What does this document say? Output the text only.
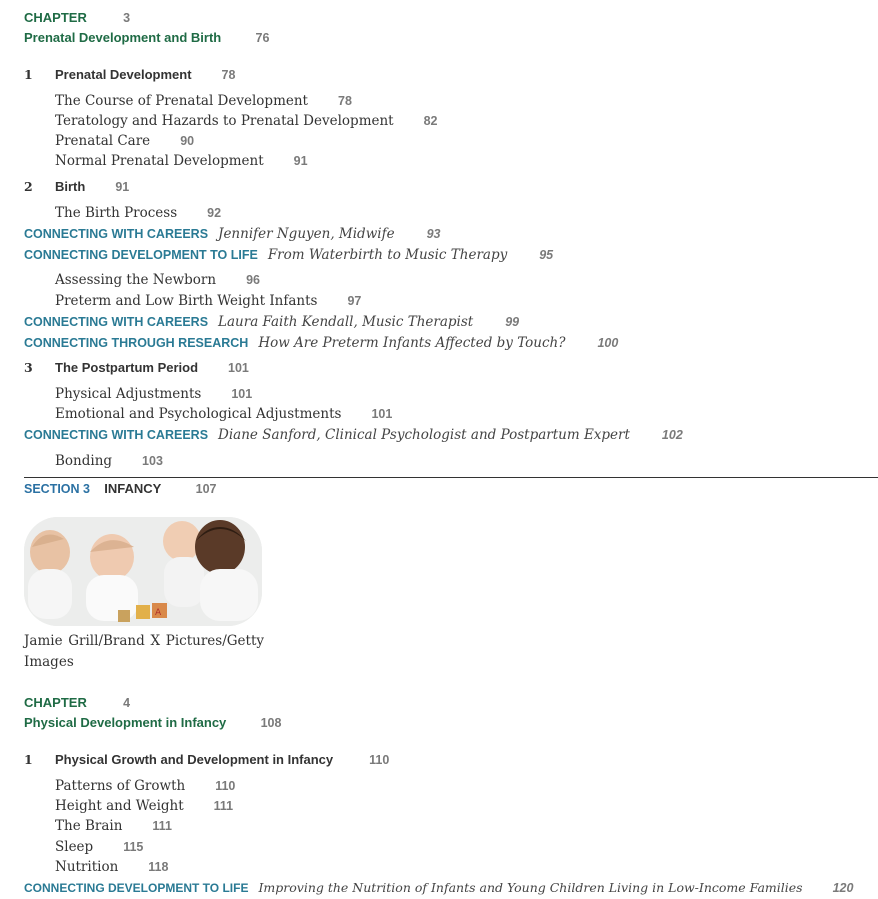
CHAPTER	3
Prenatal Development and Birth	76
1 Prenatal Development 78
The Course of Prenatal Development 78
Teratology and Hazards to Prenatal Development 82
Prenatal Care 90
Normal Prenatal Development 91
2 Birth 91
The Birth Process 92
CONNECTING WITH CAREERS Jennifer Nguyen, Midwife	93
CONNECTING DEVELOPMENT TO LIFE From Waterbirth to Music Therapy	95
Assessing the Newborn 96
Preterm and Low Birth Weight Infants 97
CONNECTING WITH CAREERS Laura Faith Kendall, Music Therapist	99
CONNECTING THROUGH RESEARCH How Are Preterm Infants Affected by Touch?	100
3 The Postpartum Period 101
Physical Adjustments 101
Emotional and Psychological Adjustments 101
CONNECTING WITH CAREERS Diane Sanford, Clinical Psychologist and Postpartum Expert	102
Bonding 103
SECTION 3 INFANCY	107
A
Jamie Grill/Brand X Pictures/Getty Images
CHAPTER	4
Physical Development in Infancy	108
1 Physical Growth and Development in Infancy	110
Patterns of Growth 110
Height and Weight 111
The Brain 111
Sleep 115
Nutrition 118
CONNECTING DEVELOPMENT TO LIFE Improving the Nutrition of Infants and Young Children Living in Low-Income Families 120
